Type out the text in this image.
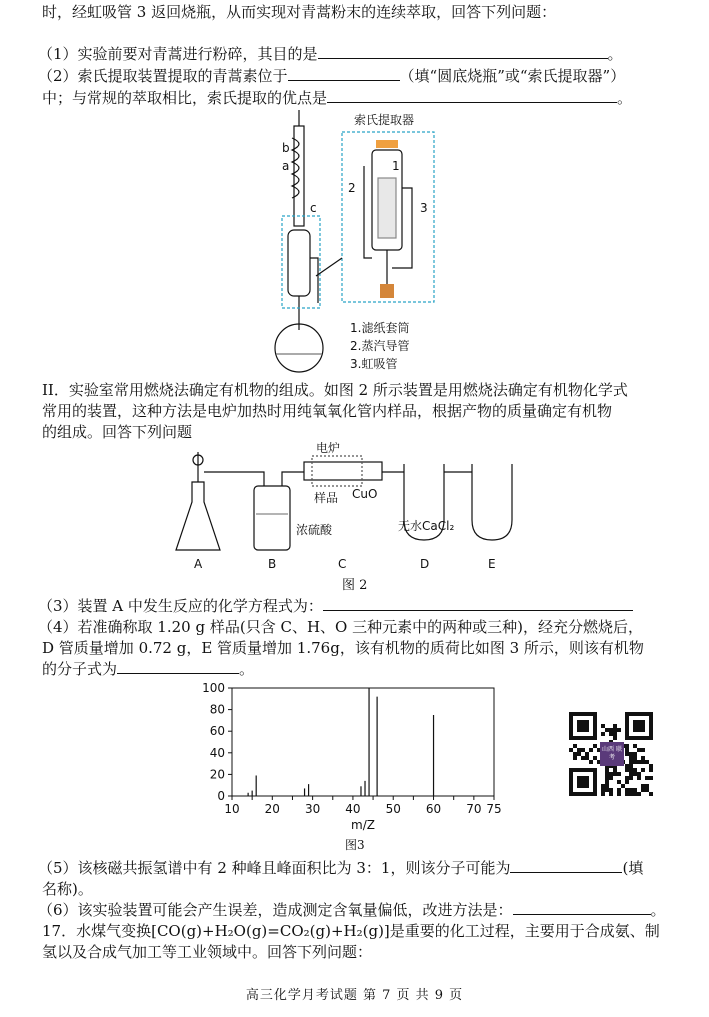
时，经虹吸管 3 返回烧瓶，从而实现对青蒿粉末的连续萃取，回答下列问题：
（1）实验前要对青蒿进行粉碎，其目的是	。
（2）索氏提取装置提取的青蒿素位于	（填“圆底烧瓶”或“索氏提取器”）
中；与常规的萃取相比，索氏提取的优点是	。
索氏提取器
b
a
c
1
2
3
1.滤纸套筒
2.蒸汽导管
3.虹吸管
II．实验室常用燃烧法确定有机物的组成。如图 2 所示装置是用燃烧法确定有机物化学式
常用的装置，这种方法是电炉加热时用纯氧氧化管内样品，根据产物的质量确定有机物
的组成。回答下列问题
电炉
样品 CuO
浓硫酸	无水CaCl₂
A	B	C	D	E
图 2
（3）装置 A 中发生反应的化学方程式为：
（4）若准确称取 1.20 g 样品(只含 C、H、O 三种元素中的两种或三种)，经充分燃烧后，
D 管质量增加 0.72 g，E 管质量增加 1.76g，该有机物的质荷比如图 3 所示，则该有机物
的分子式为	。
0
20
40
60
80
100
10 20 30 40 50 60 70 75
m/Z
图3
山西 联考
（5）该核磁共振氢谱中有 2 种峰且峰面积比为 3：1，则该分子可能为	(填
名称)。
（6）该实验装置可能会产生误差，造成测定含氧量偏低，改进方法是：	。
17．水煤气变换[CO(g)+H₂O(g)=CO₂(g)+H₂(g)]是重要的化工过程，主要用于合成氨、制
氢以及合成气加工等工业领域中。回答下列问题：
高三化学月考试题 第 7 页 共 9 页
